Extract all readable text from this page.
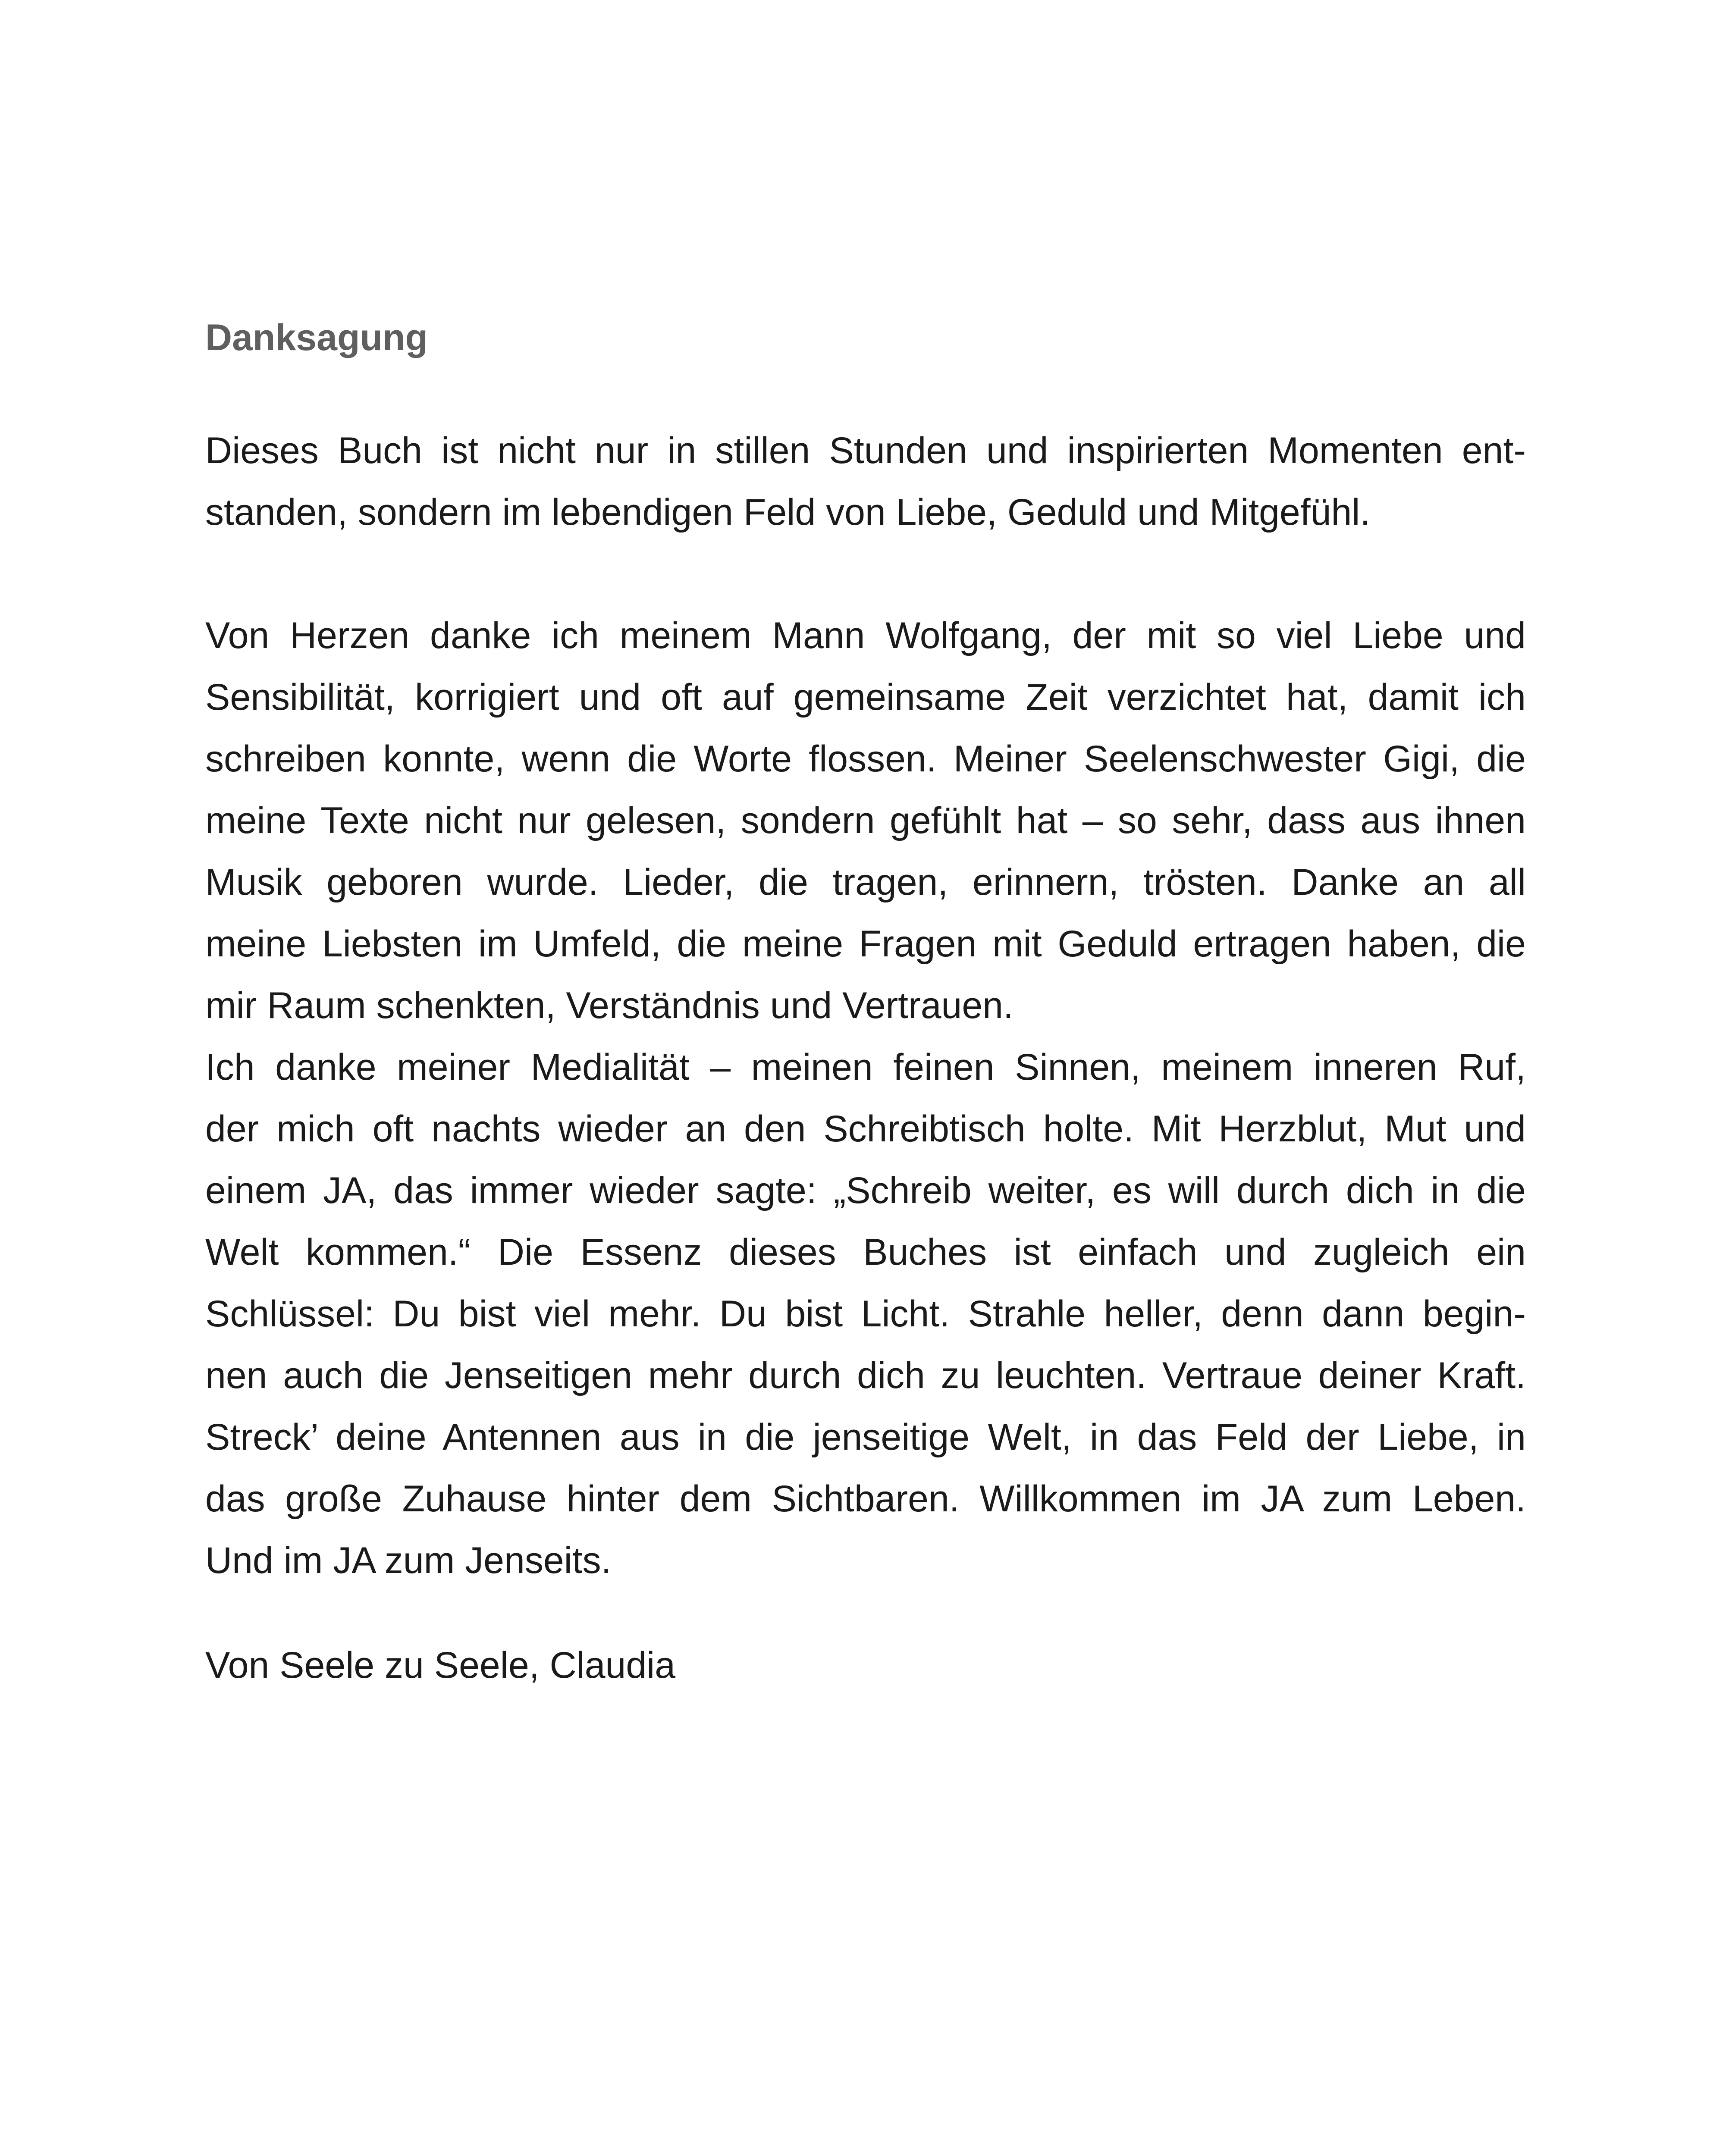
Danksagung
Dieses Buch ist nicht nur in stillen Stunden und inspirierten Momenten ent-
standen, sondern im lebendigen Feld von Liebe, Geduld und Mitgefühl.
Von Herzen danke ich meinem Mann Wolfgang, der mit so viel Liebe und
Sensibilität, korrigiert und oft auf gemeinsame Zeit verzichtet hat, damit ich
schreiben konnte, wenn die Worte flossen. Meiner Seelenschwester Gigi, die
meine Texte nicht nur gelesen, sondern gefühlt hat – so sehr, dass aus ihnen
Musik geboren wurde. Lieder, die tragen, erinnern, trösten. Danke an all
meine Liebsten im Umfeld, die meine Fragen mit Geduld ertragen haben, die
mir Raum schenkten, Verständnis und Vertrauen.
Ich danke meiner Medialität – meinen feinen Sinnen, meinem inneren Ruf,
der mich oft nachts wieder an den Schreibtisch holte. Mit Herzblut, Mut und
einem JA, das immer wieder sagte: „Schreib weiter, es will durch dich in die
Welt kommen.“ Die Essenz dieses Buches ist einfach und zugleich ein
Schlüssel: Du bist viel mehr. Du bist Licht. Strahle heller, denn dann begin-
nen auch die Jenseitigen mehr durch dich zu leuchten. Vertraue deiner Kraft.
Streck’ deine Antennen aus in die jenseitige Welt, in das Feld der Liebe, in
das große Zuhause hinter dem Sichtbaren. Willkommen im JA zum Leben.
Und im JA zum Jenseits.

Von Seele zu Seele, Claudia
